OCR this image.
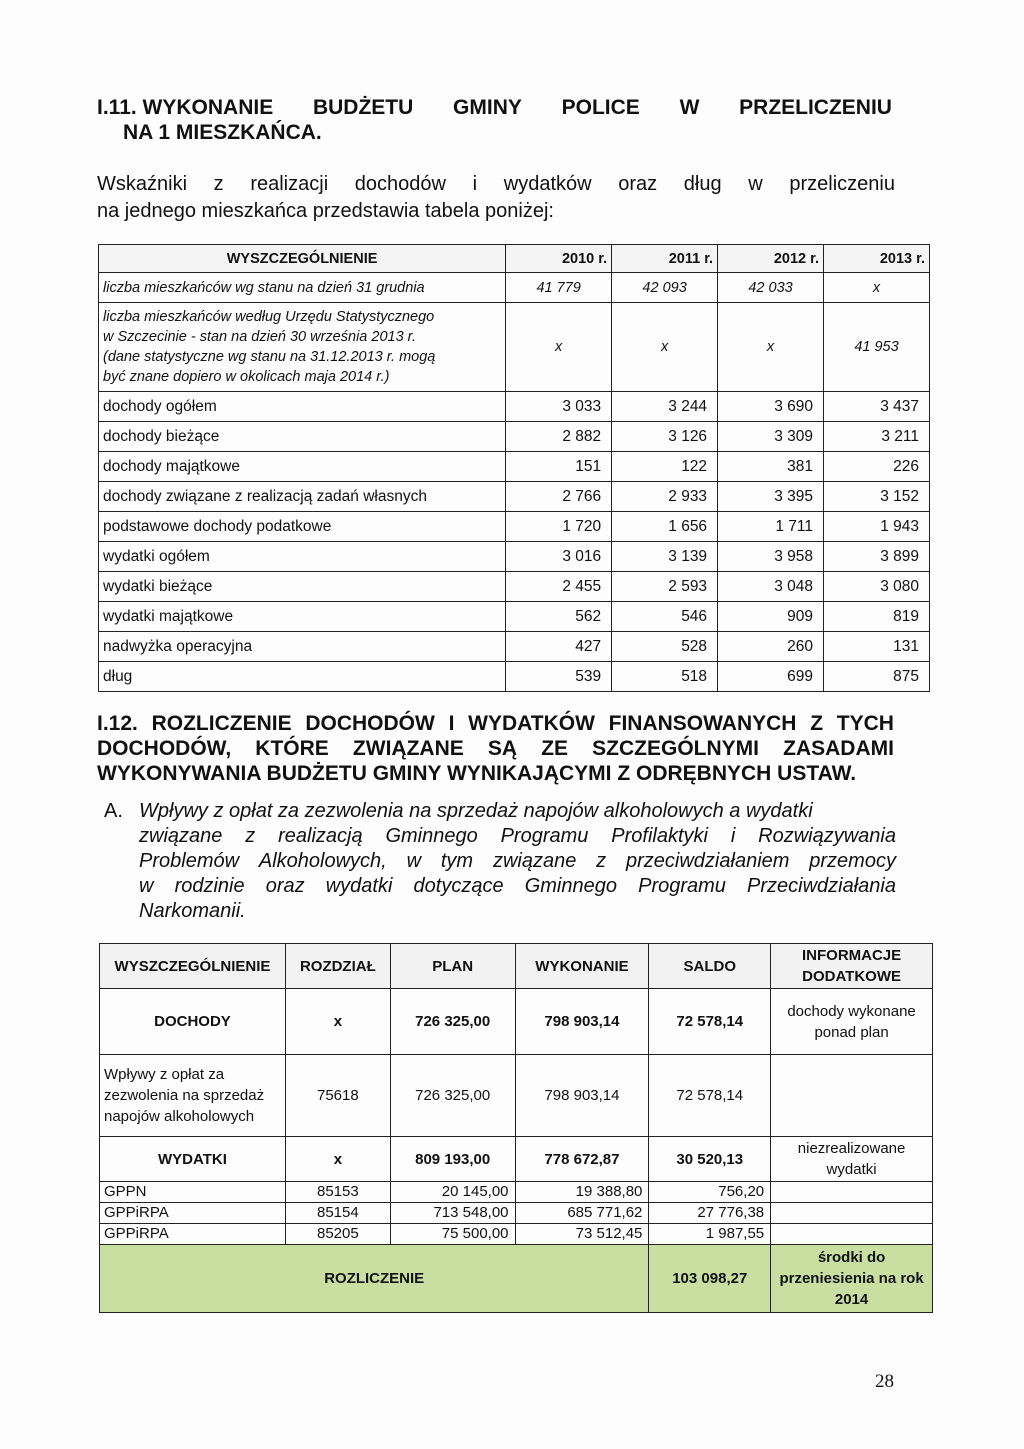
I.11. WYKONANIE BUDŻETU GMINY POLICE W PRZELICZENIU
NA 1 MIESZKAŃCA.
Wskaźniki z realizacji dochodów i wydatków oraz dług w przeliczeniu
na jednego mieszkańca przedstawia tabela poniżej:
WYSZCZEGÓLNIENIE	2010 r.	2011 r.	2012 r.	2013 r.
liczba mieszkańców wg stanu na dzień 31 grudnia	41 779	42 093	42 033	x

liczba mieszkańców według Urzędu Statystycznego
w Szczecinie - stan na dzień 30 września 2013 r.
(dane statystyczne wg stanu na 31.12.2013 r. mogą
być znane dopiero w okolicach maja 2014 r.)	x	x	x	41 953
dochody ogółem	3 033	3 244	3 690	3 437
dochody bieżące	2 882	3 126	3 309	3 211
dochody majątkowe	151	122	381	226
dochody związane z realizacją zadań własnych	2 766	2 933	3 395	3 152
podstawowe dochody podatkowe	1 720	1 656	1 711	1 943
wydatki ogółem	3 016	3 139	3 958	3 899
wydatki bieżące	2 455	2 593	3 048	3 080
wydatki majątkowe	562	546	909	819
nadwyżka operacyjna	427	528	260	131
dług	539	518	699	875
I.12. ROZLICZENIE DOCHODÓW I WYDATKÓW FINANSOWANYCH Z TYCH
DOCHODÓW, KTÓRE ZWIĄZANE SĄ ZE SZCZEGÓLNYMI ZASADAMI
WYKONYWANIA BUDŻETU GMINY WYNIKAJĄCYMI Z ODRĘBNYCH USTAW.
A. Wpływy z opłat za zezwolenia na sprzedaż napojów alkoholowych a wydatki
związane z realizacją Gminnego Programu Profilaktyki i Rozwiązywania
Problemów Alkoholowych, w tym związane z przeciwdziałaniem przemocy
w rodzinie oraz wydatki dotyczące Gminnego Programu Przeciwdziałania
Narkomanii.
WYSZCZEGÓLNIENIE	ROZDZIAŁ	PLAN	WYKONANIE	SALDO	INFORMACJE DODATKOWE
DOCHODY	x	726 325,00	798 903,14	72 578,14	dochody wykonane ponad plan
Wpływy z opłat za zezwolenia na sprzedaż napojów alkoholowych	75618	726 325,00	798 903,14	72 578,14	
WYDATKI	x	809 193,00	778 672,87	30 520,13	niezrealizowane wydatki
GPPN	85153	20 145,00	19 388,80	756,20	
GPPiRPA	85154	713 548,00	685 771,62	27 776,38	
GPPiRPA	85205	75 500,00	73 512,45	1 987,55	
ROZLICZENIE				103 098,27	środki do przeniesienia na rok 2014
28
